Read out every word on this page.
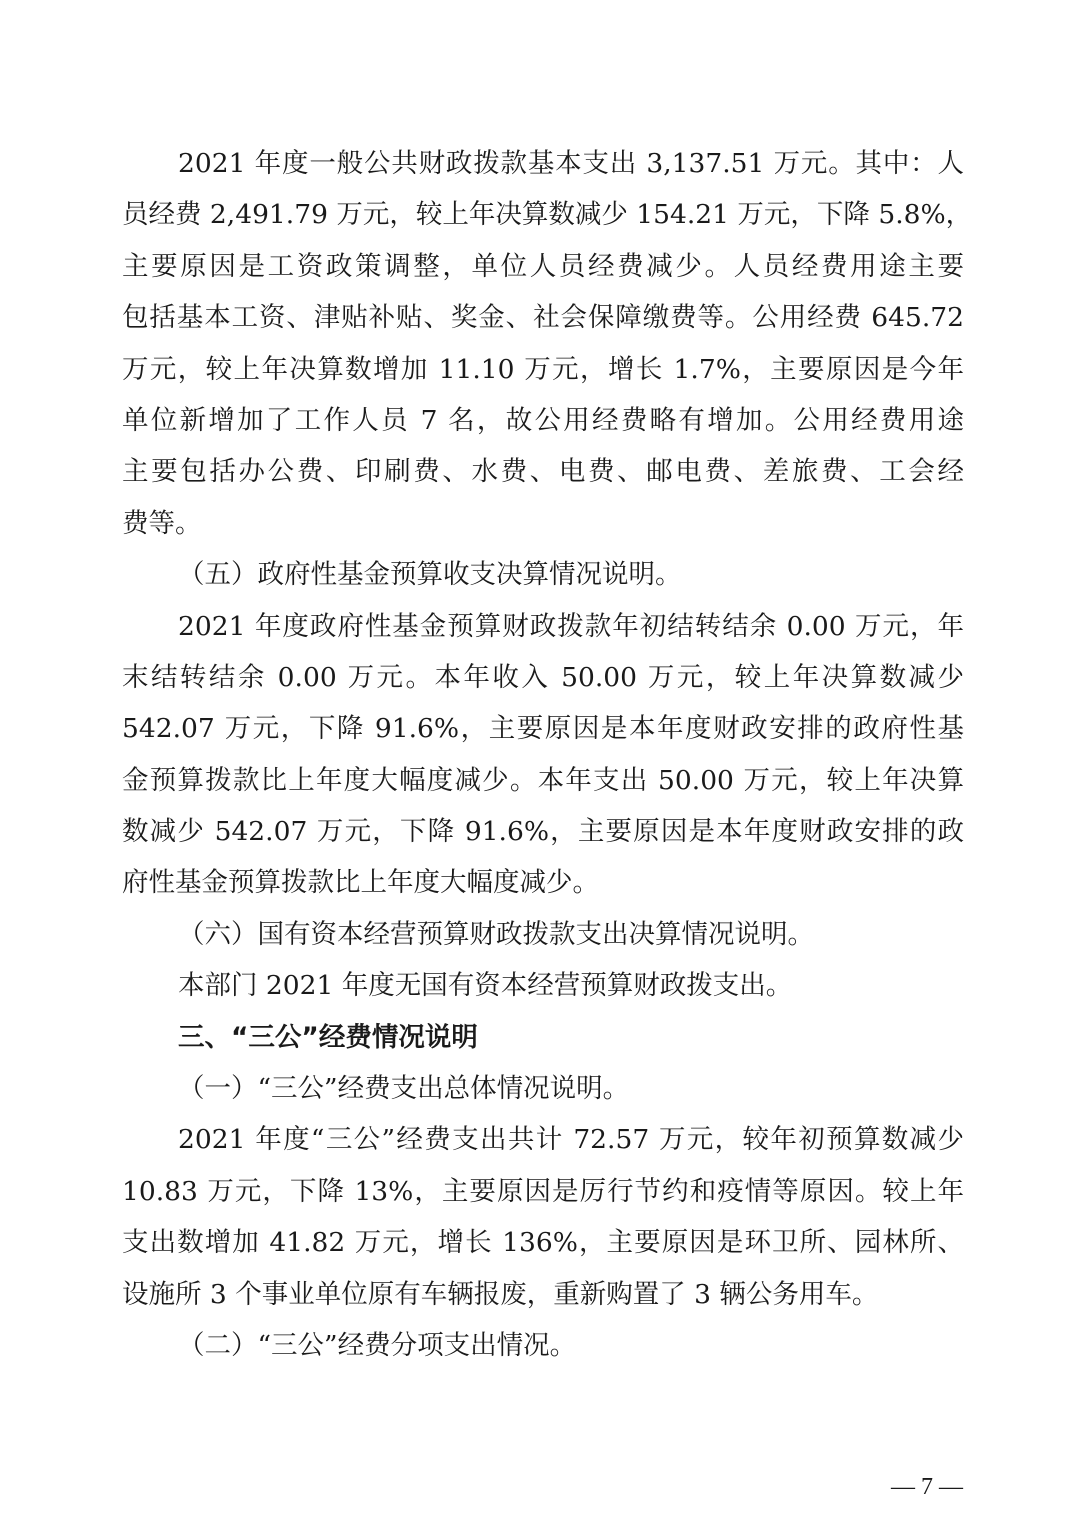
2021 年度一般公共财政拨款基本支出 3,137.51 万元。其中：人
员经费 2,491.79 万元，较上年决算数减少 154.21 万元，下降 5.8%，
主要原因是工资政策调整，单位人员经费减少。人员经费用途主要
包括基本工资、津贴补贴、奖金、社会保障缴费等。公用经费 645.72
万元，较上年决算数增加 11.10 万元，增长 1.7%，主要原因是今年
单位新增加了工作人员 7 名，故公用经费略有增加。公用经费用途
主要包括办公费、印刷费、水费、电费、邮电费、差旅费、工会经
费等。
（五）政府性基金预算收支决算情况说明。
2021 年度政府性基金预算财政拨款年初结转结余 0.00 万元，年
末结转结余 0.00 万元。本年收入 50.00 万元，较上年决算数减少
542.07 万元，下降 91.6%，主要原因是本年度财政安排的政府性基
金预算拨款比上年度大幅度减少。本年支出 50.00 万元，较上年决算
数减少 542.07 万元，下降 91.6%，主要原因是本年度财政安排的政
府性基金预算拨款比上年度大幅度减少。
（六）国有资本经营预算财政拨款支出决算情况说明。
本部门 2021 年度无国有资本经营预算财政拨支出。
三、“三公”经费情况说明
（一）“三公”经费支出总体情况说明。
2021 年度“三公”经费支出共计 72.57 万元，较年初预算数减少
10.83 万元，下降 13%，主要原因是厉行节约和疫情等原因。较上年
支出数增加 41.82 万元，增长 136%，主要原因是环卫所、园林所、
设施所 3 个事业单位原有车辆报废，重新购置了 3 辆公务用车。
（二）“三公”经费分项支出情况。
— 7 —
